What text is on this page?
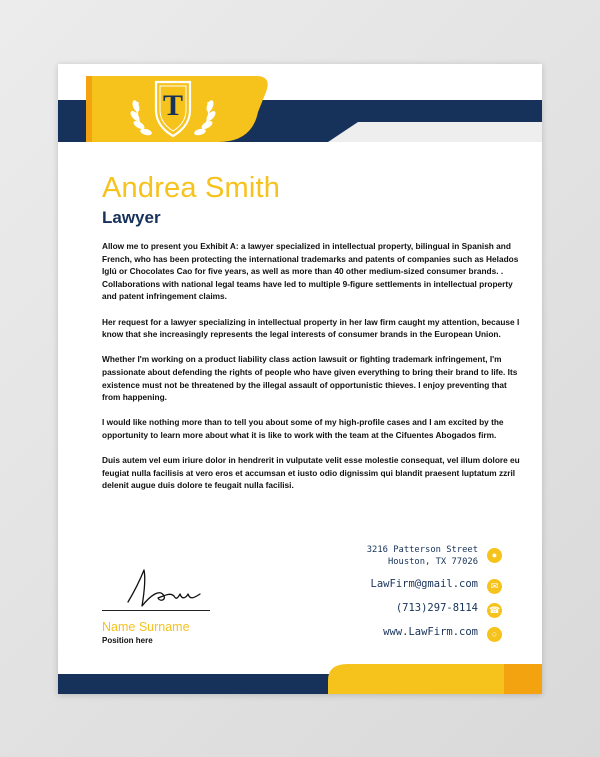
T
LAW FIRM
Andrea Smith
Lawyer

Allow me to present you Exhibit A: a lawyer specialized in intellectual property, bilingual in Spanish and French, who has been protecting the international trademarks and patents of companies such as Helados Iglú or Chocolates Cao for five years, as well as more than 40 other medium-sized consumer brands. . Collaborations with national legal teams have led to multiple 9-figure settlements in intellectual property and patent infringement claims.

Her request for a lawyer specializing in intellectual property in her law firm caught my attention, because I know that she increasingly represents the legal interests of consumer brands in the European Union.

Whether I'm working on a product liability class action lawsuit or fighting trademark infringement, I'm passionate about defending the rights of people who have given everything to bring their brand to life. Its existence must not be threatened by the illegal assault of opportunistic thieves. I enjoy preventing that from happening.

I would like nothing more than to tell you about some of my high-profile cases and I am excited by the opportunity to learn more about what it is like to work with the team at the Cifuentes Abogados firm.

Duis autem vel eum iriure dolor in hendrerit in vulputate velit esse molestie consequat, vel illum dolore eu feugiat nulla facilisis at vero eros et accumsan et iusto odio dignissim qui blandit praesent luptatum zzril delenit augue duis dolore te feugait nulla facilisi.

Name Surname
Position here
3216 Patterson Street
Houston, TX 77026
●
LawFirm@gmail.com	✉
(713)297-8114 ☎
www.LawFirm.com	○
